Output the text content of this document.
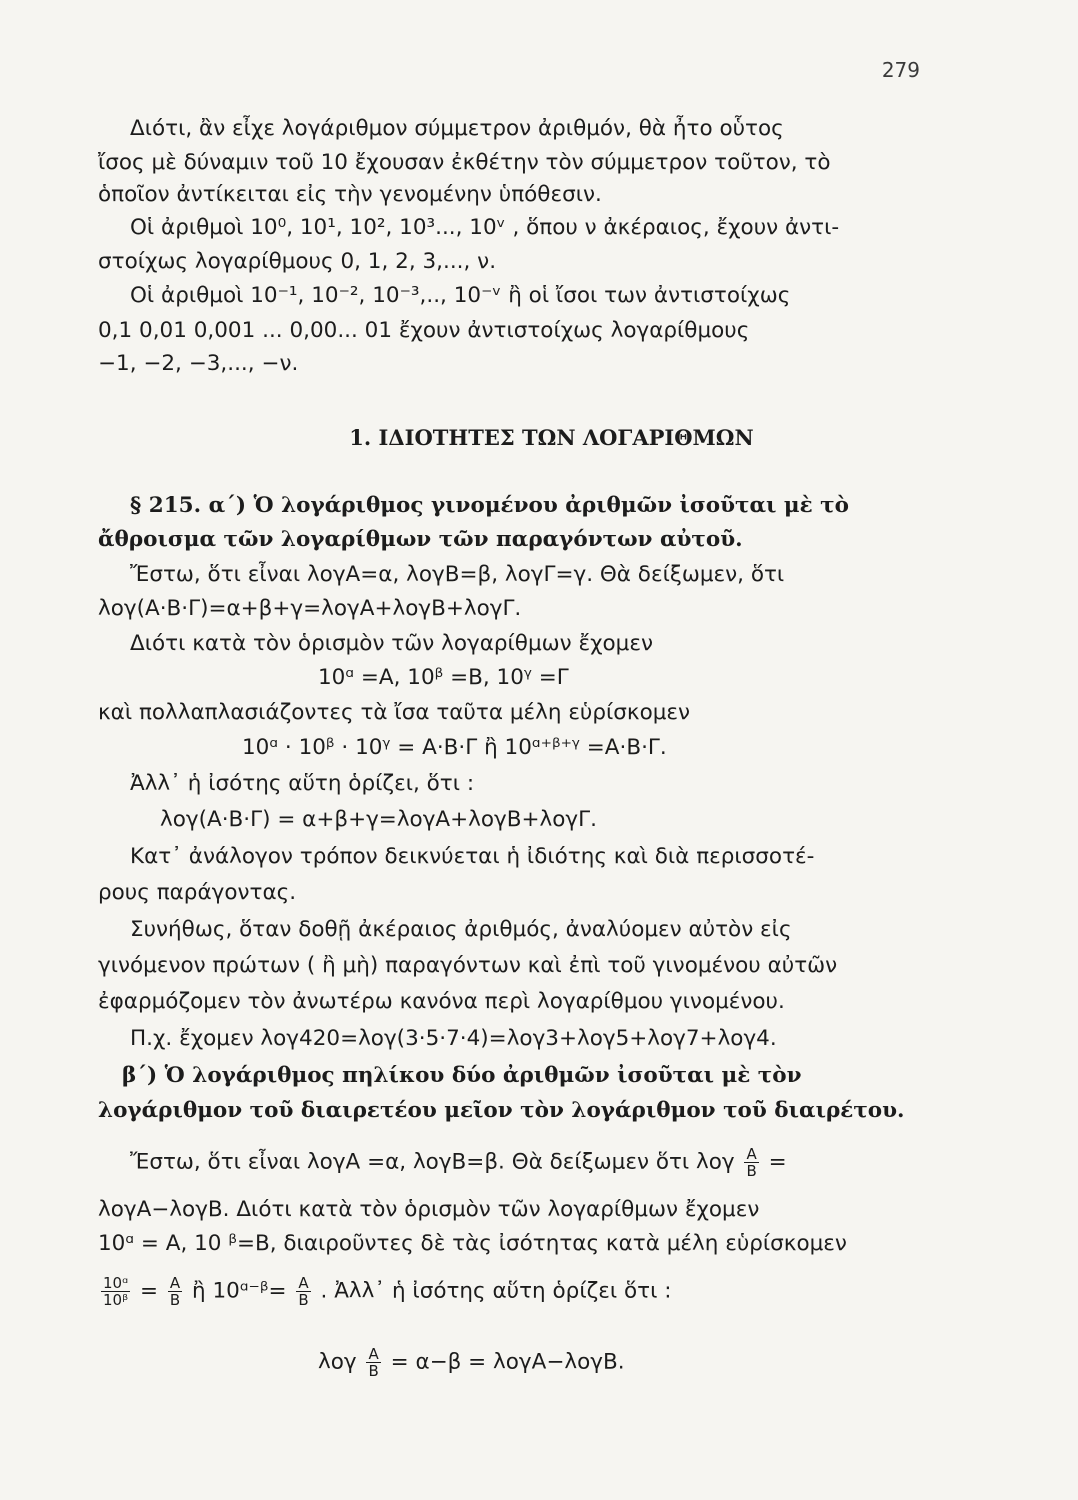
279
Διότι, ἂν εἶχε λογάριθμον σύμμετρον ἀριθμόν, θὰ ἦτο οὗτος
ἴσος μὲ δύναμιν τοῦ 10 ἔχουσαν ἐκθέτην τὸν σύμμετρον τοῦτον, τὸ
ὁποῖον ἀντίκειται εἰς τὴν γενομένην ὑπόθεσιν.
Οἱ ἀριθμοὶ 10⁰, 10¹, 10², 10³..., 10ᵛ , ὅπου ν ἀκέραιος, ἔχουν ἀντι-
στοίχως λογαρίθμους 0, 1, 2, 3,..., ν.
Οἱ ἀριθμοὶ 10⁻¹, 10⁻², 10⁻³,.., 10⁻ᵛ ἢ οἱ ἴσοι των ἀντιστοίχως
0,1 0,01 0,001 ... 0,00... 01 ἔχουν ἀντιστοίχως λογαρίθμους
−1, −2, −3,..., −ν.
1. ΙΔΙΟΤΗΤΕΣ ΤΩΝ ΛΟΓΑΡΙΘΜΩΝ
§ 215. α΄) Ὁ λογάριθμος γινομένου ἀριθμῶν ἰσοῦται μὲ τὸ
ἄθροισμα τῶν λογαρίθμων τῶν παραγόντων αὐτοῦ.
Ἔστω, ὅτι εἶναι λογΑ=α, λογΒ=β, λογΓ=γ. Θὰ δείξωμεν, ὅτι
λογ(Α·Β·Γ)=α+β+γ=λογΑ+λογΒ+λογΓ.
Διότι κατὰ τὸν ὁρισμὸν τῶν λογαρίθμων ἔχομεν
10ᵅ =Α, 10ᵝ =Β, 10ᵞ =Γ
καὶ πολλαπλασιάζοντες τὰ ἴσα ταῦτα μέλη εὑρίσκομεν
10ᵅ · 10ᵝ · 10ᵞ = Α·Β·Γ ἢ 10ᵅ⁺ᵝ⁺ᵞ =Α·Β·Γ.
Ἀλλ᾽ ἡ ἰσότης αὕτη ὁρίζει, ὅτι :
λογ(Α·Β·Γ) = α+β+γ=λογΑ+λογΒ+λογΓ.
Κατ᾽ ἀνάλογον τρόπον δεικνύεται ἡ ἰδιότης καὶ διὰ περισσοτέ-
ρους παράγοντας.
Συνήθως, ὅταν δοθῇ ἀκέραιος ἀριθμός, ἀναλύομεν αὐτὸν εἰς
γινόμενον πρώτων ( ἢ μὴ) παραγόντων καὶ ἐπὶ τοῦ γινομένου αὐτῶν
ἐφαρμόζομεν τὸν ἀνωτέρω κανόνα περὶ λογαρίθμου γινομένου.
Π.χ. ἔχομεν λογ420=λογ(3·5·7·4)=λογ3+λογ5+λογ7+λογ4.
β΄) Ὁ λογάριθμος πηλίκου δύο ἀριθμῶν ἰσοῦται μὲ τὸν
λογάριθμον τοῦ διαιρετέου μεῖον τὸν λογάριθμον τοῦ διαιρέτου.
Ἔστω, ὅτι εἶναι λογΑ =α, λογΒ=β. Θὰ δείξωμεν ὅτι λογ $\frac{A}{B}$ =
λογΑ−λογΒ. Διότι κατὰ τὸν ὁρισμὸν τῶν λογαρίθμων ἔχομεν
10ᵅ = Α, 10 ᵝ=Β, διαιροῦντες δὲ τὰς ἰσότητας κατὰ μέλη εὑρίσκομεν
$\frac{\text{10ᵅ}}{\text{10ᵝ}} = \frac{A}{B}$ ἢ 10ᵅ⁻ᵝ= $\frac{A}{B}$ . Ἀλλ᾽ ἡ ἰσότης αὕτη ὁρίζει ὅτι :
λογ $\frac{A}{B} = \alpha-\beta = \lambda o\gamma A-\lambda o\gamma B$.
